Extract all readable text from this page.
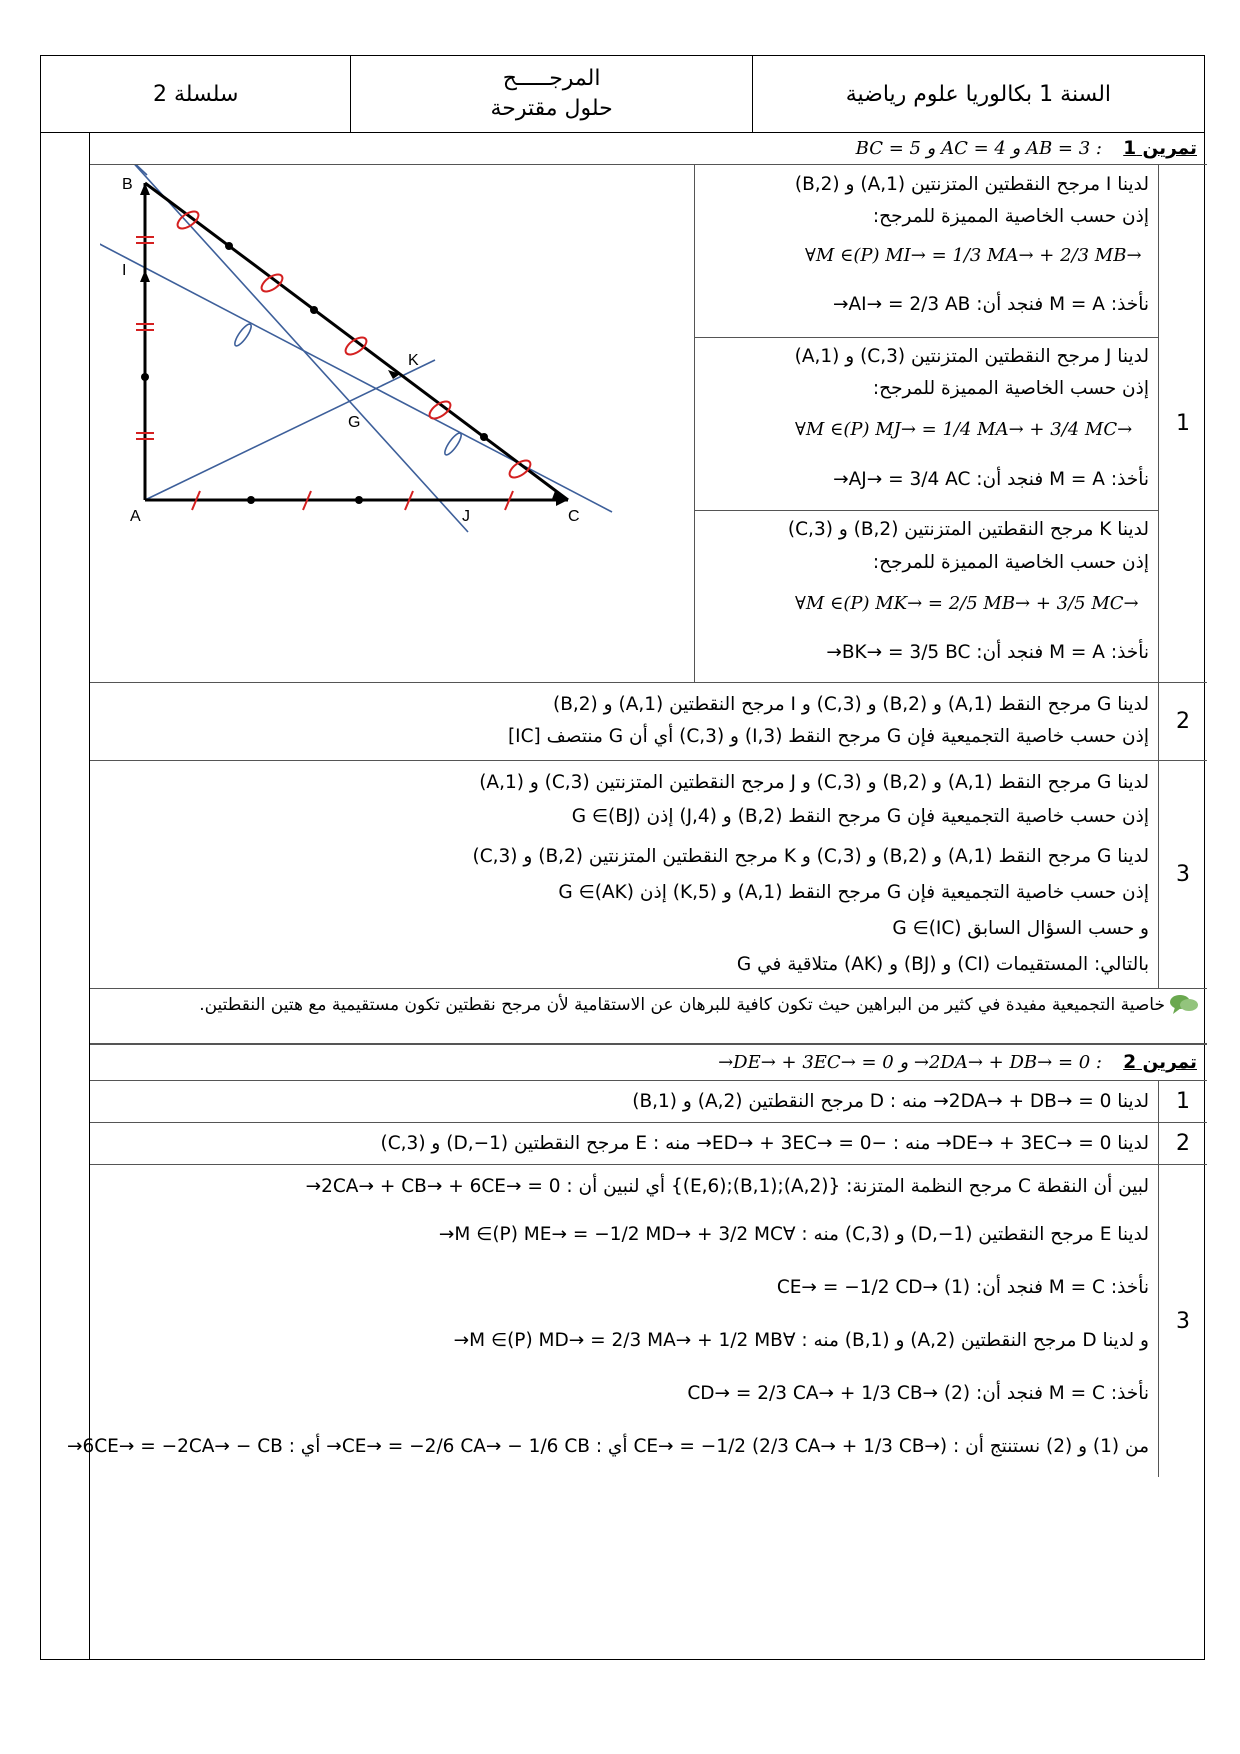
سلسلة 2
المرجـــــح
حلول مقترحة
السنة 1 بكالوريا علوم رياضية
تمرين 1
: AB = 3 و AC = 4 و BC = 5
1
لدينا I مرجح النقطتين المتزنتين (A,1) و (B,2)
إذن حسب الخاصية المميزة للمرجح:
∀M ∈(P) MI→ = 1/3 MA→ + 2/3 MB→
نأخذ: M = A فنجد أن: AI→ = 2/3 AB→
لدينا J مرجح النقطتين المتزنتين (C,3) و (A,1)
إذن حسب الخاصية المميزة للمرجح:
∀M ∈(P) MJ→ = 1/4 MA→ + 3/4 MC→
نأخذ: M = A فنجد أن: AJ→ = 3/4 AC→
لدينا K مرجح النقطتين المتزنتين (B,2) و (C,3)
إذن حسب الخاصية المميزة للمرجح:
∀M ∈(P) MK→ = 2/5 MB→ + 3/5 MC→
نأخذ: M = A فنجد أن: BK→ = 3/5 BC→
B
I
K
G
A	J	C
2
لدينا G مرجح النقط (A,1) و (B,2) و (C,3) و I مرجح النقطتين (A,1) و (B,2)
إذن حسب خاصية التجميعية فإن G مرجح النقط (I,3) و (C,3) أي أن G منتصف [IC]
3
لدينا G مرجح النقط (A,1) و (B,2) و (C,3) و J مرجح النقطتين المتزنتين (C,3) و (A,1)
إذن حسب خاصية التجميعية فإن G مرجح النقط (B,2) و (J,4) إذن G ∈(BJ)
لدينا G مرجح النقط (A,1) و (B,2) و (C,3) و K مرجح النقطتين المتزنتين (B,2) و (C,3)
إذن حسب خاصية التجميعية فإن G مرجح النقط (A,1) و (K,5) إذن G ∈(AK)
و حسب السؤال السابق G ∈(IC)
بالتالي: المستقيمات (CI) و (BJ) و (AK) متلاقية في G
خاصية التجميعية مفيدة في كثير من البراهين حيث تكون كافية للبرهان عن الاستقامية لأن مرجح نقطتين تكون مستقيمية مع هتين النقطتين.
تمرين 2
: 2DA→ + DB→ = 0→ و DE→ + 3EC→ = 0→
1
لدينا 2DA→ + DB→ = 0→ منه : D مرجح النقطتين (A,2) و (B,1)
2
لدينا DE→ + 3EC→ = 0→ منه : −ED→ + 3EC→ = 0→ منه : E مرجح النقطتين (D,−1) و (C,3)
3
لبين أن النقطة C مرجح النظمة المتزنة: {(A,2);(B,1);(E,6)} أي لنبين أن : 2CA→ + CB→ + 6CE→ = 0→
لدينا E مرجح النقطتين (D,−1) و (C,3) منه : ∀M ∈(P) ME→ = −1/2 MD→ + 3/2 MC→
نأخذ: M = C فنجد أن: CE→ = −1/2 CD→ (1)
و لدينا D مرجح النقطتين (A,2) و (B,1) منه : ∀M ∈(P) MD→ = 2/3 MA→ + 1/2 MB→
نأخذ: M = C فنجد أن: CD→ = 2/3 CA→ + 1/3 CB→ (2)
من (1) و (2) نستنتج أن : CE→ = −1/2 (2/3 CA→ + 1/3 CB→) أي : CE→ = −2/6 CA→ − 1/6 CB→ أي : 6CE→ = −2CA→ − CB→
